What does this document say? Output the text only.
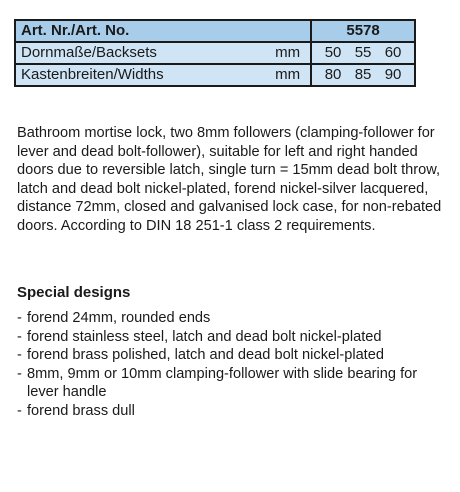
Art. Nr./Art. No.	5578
Dornmaße/Backsets mm	50 55 60
Kastenbreiten/Widths mm	80 85 90

Bathroom mortise lock, two 8mm followers (clamping-follower for lever and dead bolt-follower), suitable for left and right handed doors due to reversible latch, single turn = 15mm dead bolt throw, latch and dead bolt nickel-plated, forend nickel-silver lacquered, distance 72mm, closed and galvanised lock case, for non-rebated doors. According to DIN 18 251-1 class 2 requirements.

Special designs
- forend 24mm, rounded ends
- forend stainless steel, latch and dead bolt nickel-plated
- forend brass polished, latch and dead bolt nickel-plated
- 8mm, 9mm or 10mm clamping-follower with slide bearing for lever handle
- forend brass dull
